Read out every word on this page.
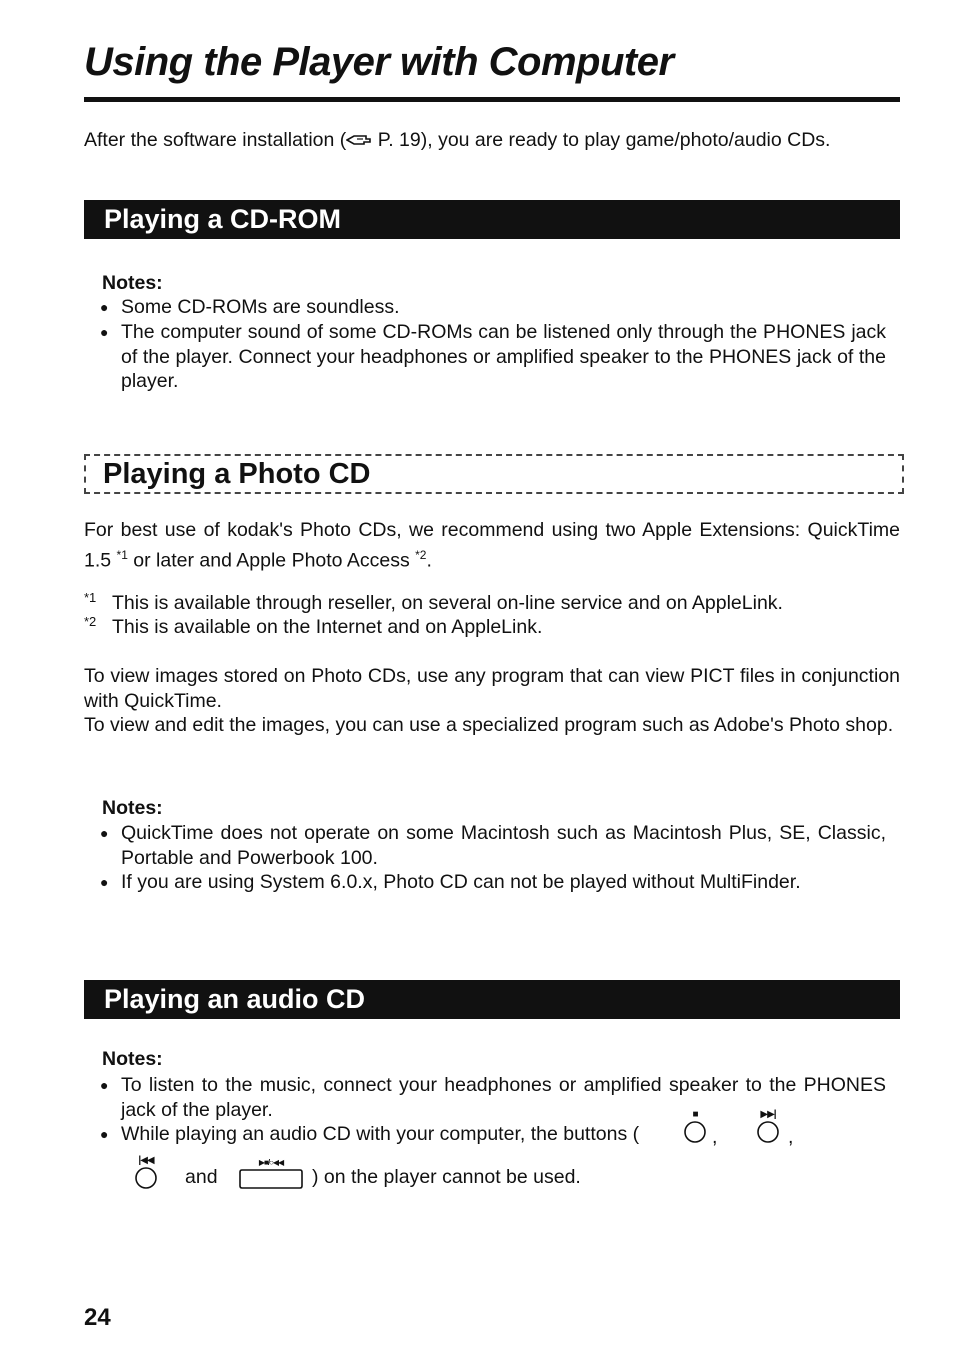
Using the Player with Computer

After the software installation ( P. 19), you are ready to play game/photo/audio CDs.

Playing a CD-ROM
Notes:
● Some CD-ROMs are soundless.

● The computer sound of some CD-ROMs can be listened only through the PHONES jack of the player. Connect your headphones or amplified speaker to the PHONES jack of the player.

Playing a Photo CD

For best use of kodak's Photo CDs, we recommend using two Apple Extensions: QuickTime 1.5 $^{*1}$ or later and Apple Photo Access $^{*2}$.

*1 This is available through reseller, on several on-line service and on AppleLink.
*2 This is available on the Internet and on AppleLink.

To view images stored on Photo CDs, use any program that can view PICT files in conjunction with QuickTime.

To view and edit the images, you can use a specialized program such as Adobe's Photo shop.

Notes:
● QuickTime does not operate on some Macintosh such as Macintosh Plus, SE, Classic, Portable and Powerbook 100.

● If you are using System 6.0.x, Photo CD can not be played without MultiFinder.

Playing an audio CD
Notes:
● To listen to the music, connect your headphones or amplified speaker to the PHONES jack of the player.

● While playing an audio CD with your computer, the buttons (
■
,
▶▶|
,
|◀◀
and
▶■/○◀◀
) on the player cannot be used.
24
